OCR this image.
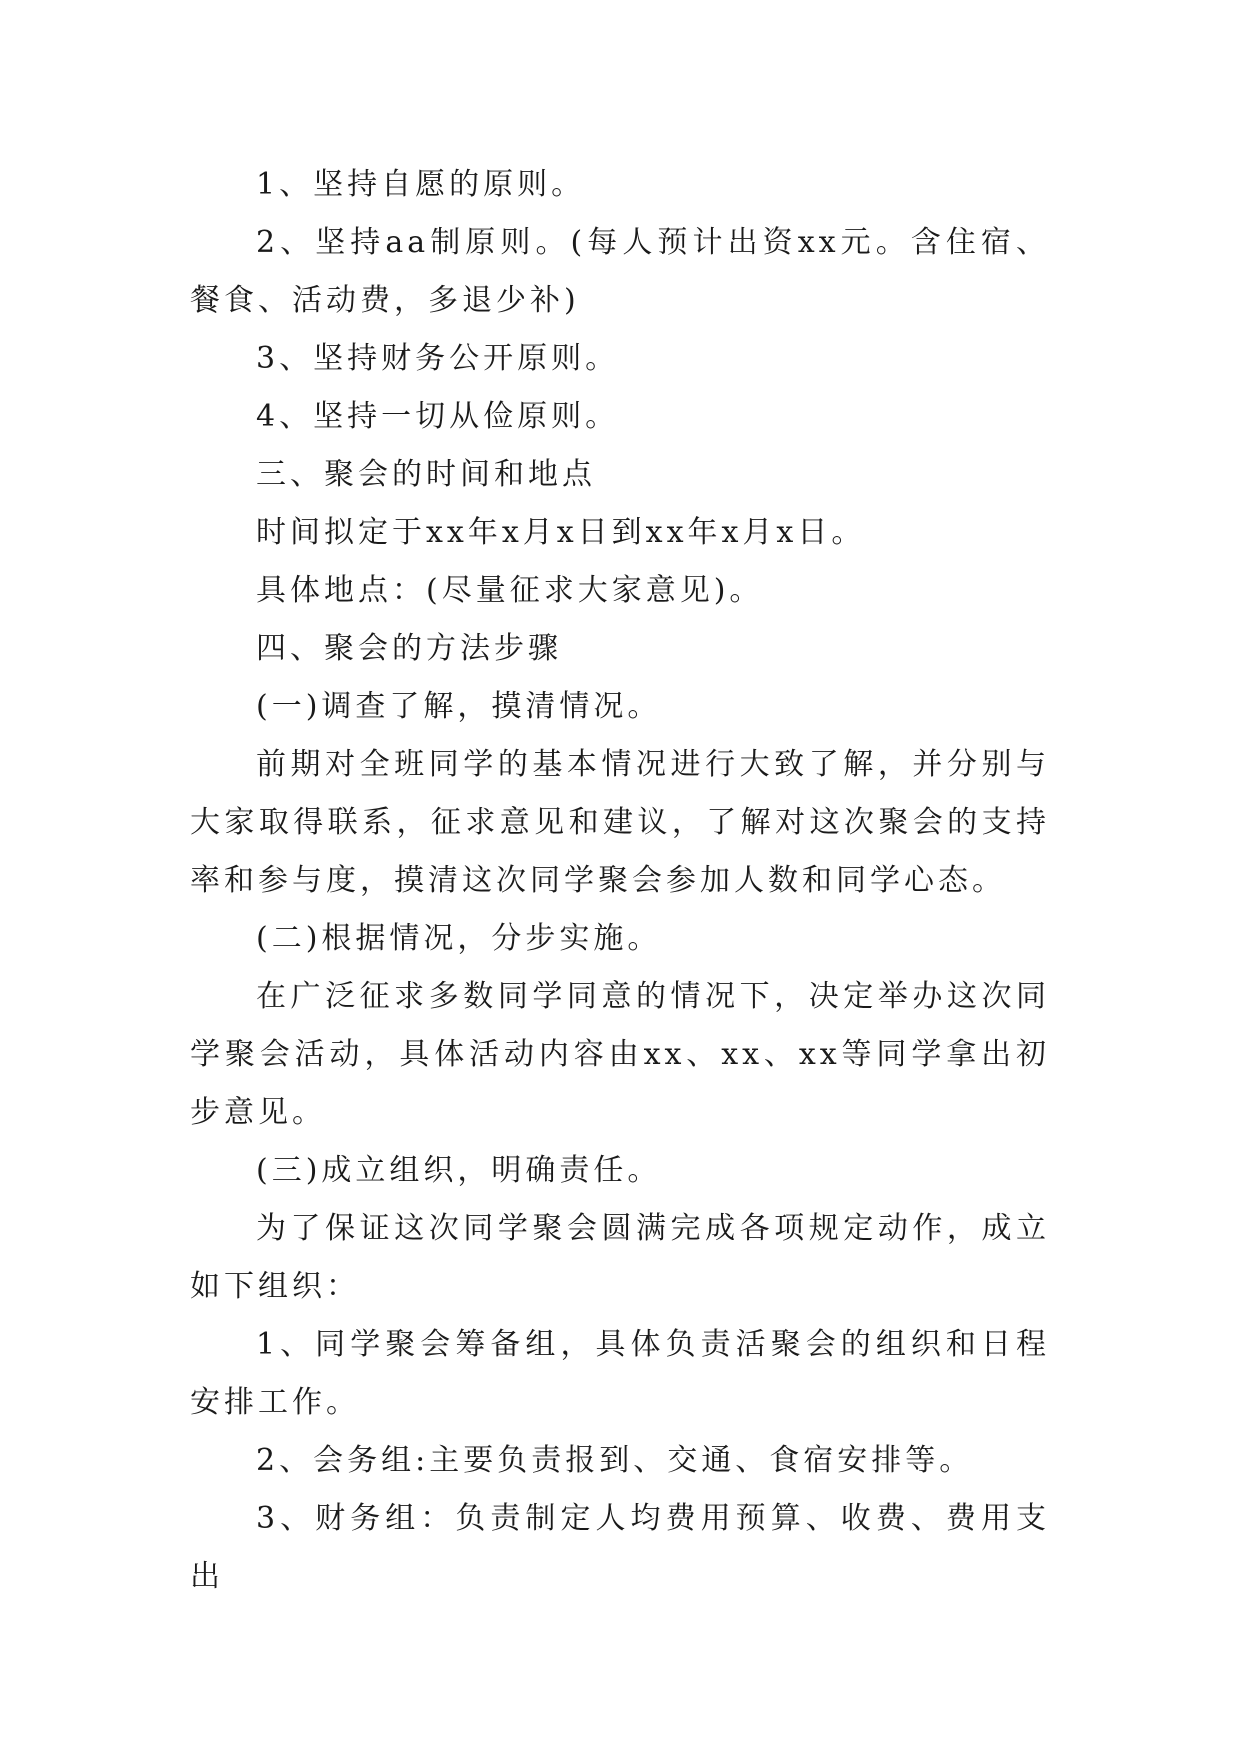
1、坚持自愿的原则。

2、坚持aa制原则。(每人预计出资xx元。含住宿、餐食、活动费，多退少补)

3、坚持财务公开原则。

4、坚持一切从俭原则。

三、聚会的时间和地点

时间拟定于xx年x月x日到xx年x月x日。

具体地点：(尽量征求大家意见)。

四、聚会的方法步骤

(一)调查了解，摸清情况。

前期对全班同学的基本情况进行大致了解，并分别与大家取得联系，征求意见和建议，了解对这次聚会的支持率和参与度，摸清这次同学聚会参加人数和同学心态。

(二)根据情况，分步实施。

在广泛征求多数同学同意的情况下，决定举办这次同学聚会活动，具体活动内容由xx、xx、xx等同学拿出初步意见。

(三)成立组织，明确责任。

为了保证这次同学聚会圆满完成各项规定动作，成立如下组织：

1、同学聚会筹备组，具体负责活聚会的组织和日程安排工作。

2、会务组:主要负责报到、交通、食宿安排等。

3、财务组：负责制定人均费用预算、收费、费用支出
